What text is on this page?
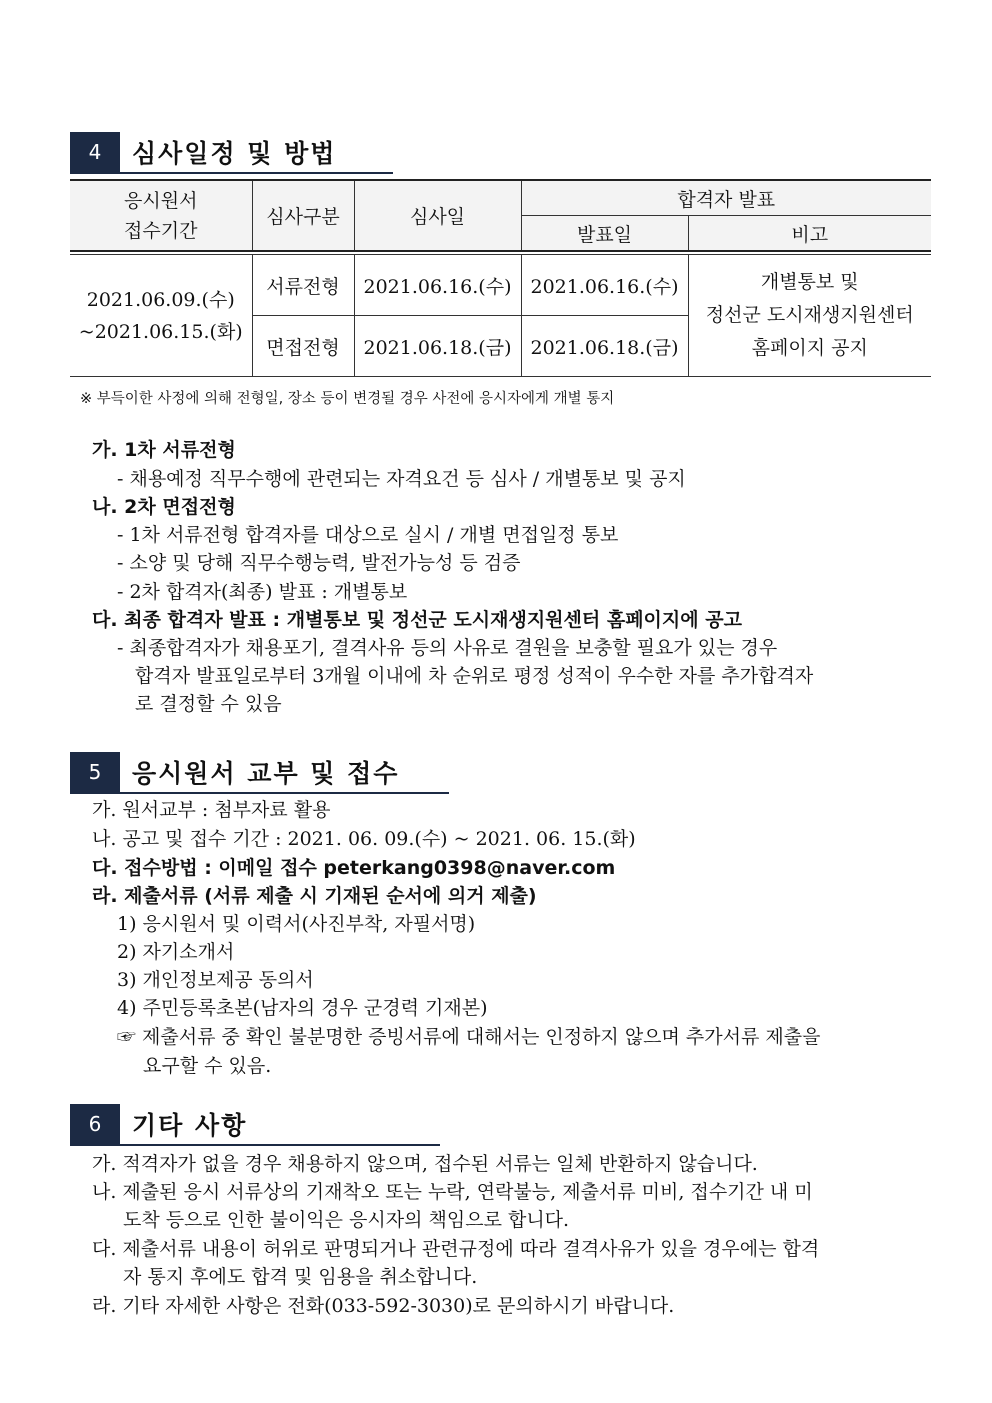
4	심사일정 및 방법
응시원서
접수기간	심사구분	심사일	합격자 발표	
			발표일	비고

2021.06.09.(수)
~2021.06.15.(화)	서류전형	2021.06.16.(수)	2021.06.16.(수)	개별통보 및
정선군 도시재생지원센터
홈페이지 공지
	면접전형	2021.06.18.(금)	2021.06.18.(금)	
※ 부득이한 사정에 의해 전형일, 장소 등이 변경될 경우 사전에 응시자에게 개별 통지
가. 1차 서류전형
- 채용예정 직무수행에 관련되는 자격요건 등 심사 / 개별통보 및 공지
나. 2차 면접전형
- 1차 서류전형 합격자를 대상으로 실시 / 개별 면접일정 통보
- 소양 및 당해 직무수행능력, 발전가능성 등 검증
- 2차 합격자(최종) 발표 : 개별통보
다. 최종 합격자 발표 : 개별통보 및 정선군 도시재생지원센터 홈페이지에 공고
- 최종합격자가 채용포기, 결격사유 등의 사유로 결원을 보충할 필요가 있는 경우
합격자 발표일로부터 3개월 이내에 차 순위로 평정 성적이 우수한 자를 추가합격자
로 결정할 수 있음
5	응시원서 교부 및 접수
가. 원서교부 : 첨부자료 활용
나. 공고 및 접수 기간 : 2021. 06. 09.(수) ~ 2021. 06. 15.(화)
다. 접수방법 : 이메일 접수 peterkang0398@naver.com
라. 제출서류 (서류 제출 시 기재된 순서에 의거 제출)
1) 응시원서 및 이력서(사진부착, 자필서명)
2) 자기소개서
3) 개인정보제공 동의서
4) 주민등록초본(남자의 경우 군경력 기재본)
☞ 제출서류 중 확인 불분명한 증빙서류에 대해서는 인정하지 않으며 추가서류 제출을
요구할 수 있음.
6	기타 사항
가. 적격자가 없을 경우 채용하지 않으며, 접수된 서류는 일체 반환하지 않습니다.
나. 제출된 응시 서류상의 기재착오 또는 누락, 연락불능, 제출서류 미비, 접수기간 내 미
도착 등으로 인한 불이익은 응시자의 책임으로 합니다.
다. 제출서류 내용이 허위로 판명되거나 관련규정에 따라 결격사유가 있을 경우에는 합격
자 통지 후에도 합격 및 임용을 취소합니다.
라. 기타 자세한 사항은 전화(033-592-3030)로 문의하시기 바랍니다.
